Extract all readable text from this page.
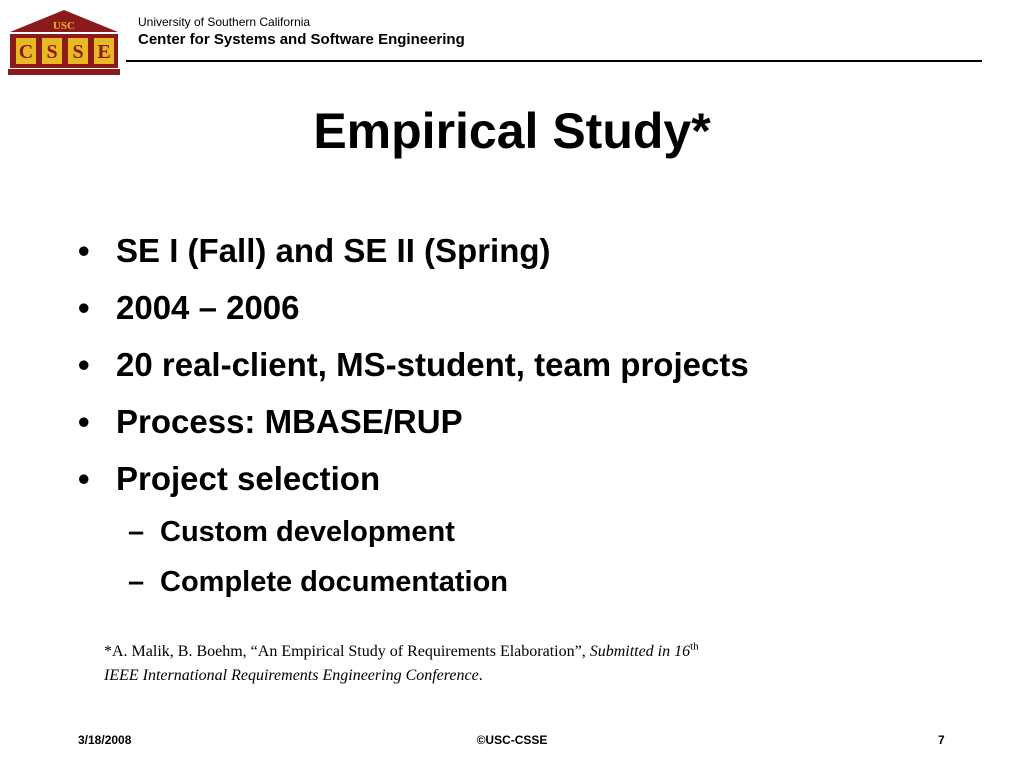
USC
C S S E
University of Southern California
Center for Systems and Software Engineering
Empirical Study*
• SE I (Fall) and SE II (Spring)
• 2004 – 2006
• 20 real-client, MS-student, team projects
• Process: MBASE/RUP
• Project selection
– Custom development
– Complete documentation
*A. Malik, B. Boehm, “An Empirical Study of Requirements Elaboration”, Submitted in 16th
IEEE International Requirements Engineering Conference.
3/18/2008	©USC-CSSE	7
